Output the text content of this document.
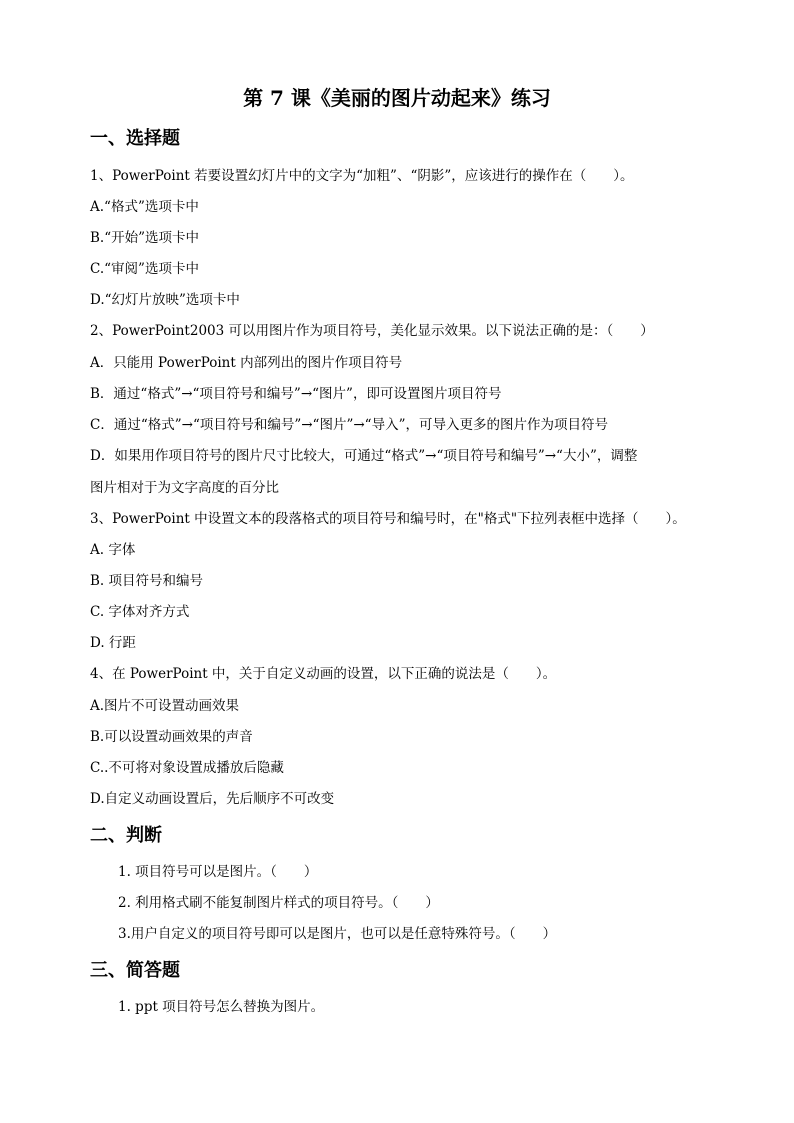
第 7 课《美丽的图片动起来》练习
一、选择题
1、PowerPoint 若要设置幻灯片中的文字为“加粗”、“阴影”，应该进行的操作在（　　）。
A.“格式”选项卡中
B.“开始”选项卡中
C.“审阅”选项卡中
D.“幻灯片放映”选项卡中
2、PowerPoint2003 可以用图片作为项目符号，美化显示效果。以下说法正确的是：（　　）
A．只能用 PowerPoint 内部列出的图片作项目符号
B．通过“格式”→“项目符号和编号”→“图片”，即可设置图片项目符号
C．通过“格式”→“项目符号和编号”→“图片”→“导入”，可导入更多的图片作为项目符号
D．如果用作项目符号的图片尺寸比较大，可通过“格式”→“项目符号和编号”→“大小”，调整
图片相对于为文字高度的百分比
3、PowerPoint 中设置文本的段落格式的项目符号和编号时，在"格式"下拉列表框中选择（　　）。
A. 字体
B. 项目符号和编号
C. 字体对齐方式
D. 行距
4、在 PowerPoint 中，关于自定义动画的设置，以下正确的说法是（　　）。
A.图片不可设置动画效果
B.可以设置动画效果的声音
C..不可将对象设置成播放后隐藏
D.自定义动画设置后，先后顺序不可改变
二、判断
1. 项目符号可以是图片。（　　）
2. 利用格式刷不能复制图片样式的项目符号。（　　）
3.用户自定义的项目符号即可以是图片，也可以是任意特殊符号。（　　）
三、简答题
1. ppt 项目符号怎么替换为图片。
